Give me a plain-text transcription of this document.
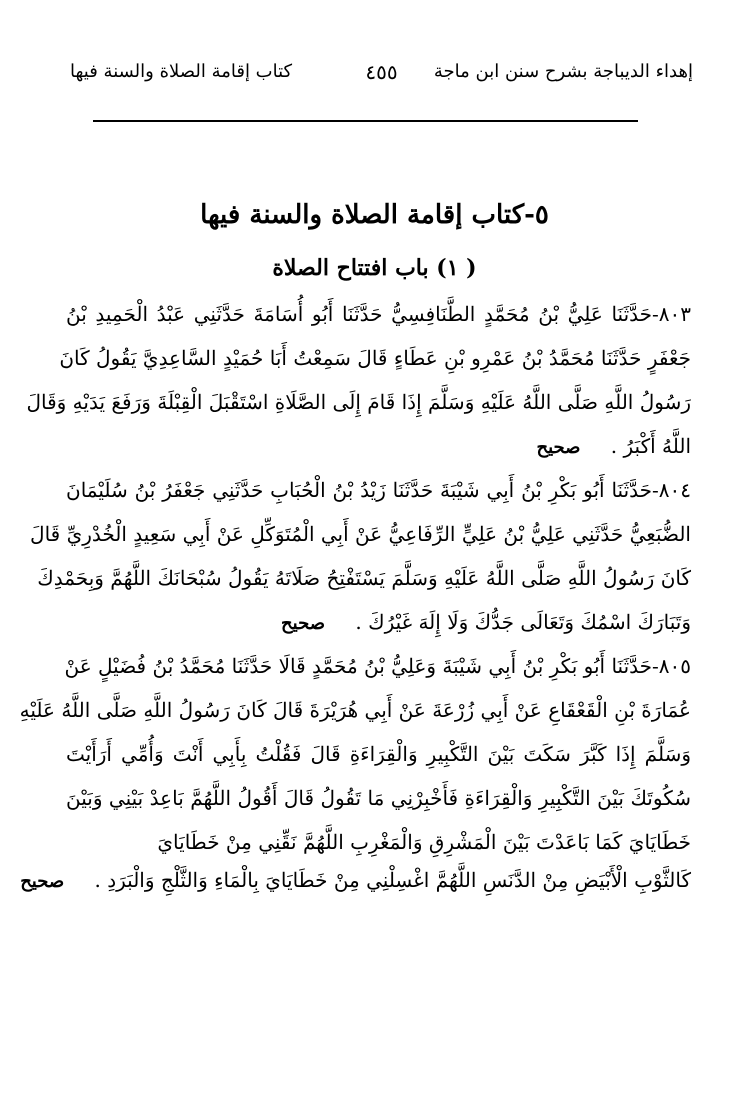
إهداء الديباجة بشرح سنن ابن ماجة
٤٥٥
كتاب إقامة الصلاة والسنة فيها
٥-كتاب إقامة الصلاة والسنة فيها
( ١) باب افتتاح الصلاة
٨٠٣-حَدَّثَنَا عَلِيُّ بْنُ مُحَمَّدٍ الطَّنَافِسِيُّ حَدَّثَنَا أَبُو أُسَامَةَ حَدَّثَنِي عَبْدُ الْحَمِيدِ بْنُ
جَعْفَرٍ حَدَّثَنَا مُحَمَّدُ بْنُ عَمْرِو بْنِ عَطَاءٍ قَالَ سَمِعْتُ أَبَا حُمَيْدٍ السَّاعِدِيَّ يَقُولُ كَانَ
رَسُولُ اللَّهِ صَلَّى اللَّهُ عَلَيْهِ وَسَلَّمَ إِذَا قَامَ إِلَى الصَّلَاةِ اسْتَقْبَلَ الْقِبْلَةَ وَرَفَعَ يَدَيْهِ وَقَالَ
اللَّهُ أَكْبَرُ . صحيح
٨٠٤-حَدَّثَنَا أَبُو بَكْرِ بْنُ أَبِي شَيْبَةَ حَدَّثَنَا زَيْدُ بْنُ الْحُبَابِ حَدَّثَنِي جَعْفَرُ بْنُ سُلَيْمَانَ
الضُّبَعِيُّ حَدَّثَنِي عَلِيُّ بْنُ عَلِيٍّ الرِّفَاعِيُّ عَنْ أَبِي الْمُتَوَكِّلِ عَنْ أَبِي سَعِيدٍ الْخُدْرِيِّ قَالَ
كَانَ رَسُولُ اللَّهِ صَلَّى اللَّهُ عَلَيْهِ وَسَلَّمَ يَسْتَفْتِحُ صَلَاتَهُ يَقُولُ سُبْحَانَكَ اللَّهُمَّ وَبِحَمْدِكَ
وَتَبَارَكَ اسْمُكَ وَتَعَالَى جَدُّكَ وَلَا إِلَهَ غَيْرُكَ . صحيح
٨٠٥-حَدَّثَنَا أَبُو بَكْرِ بْنُ أَبِي شَيْبَةَ وَعَلِيُّ بْنُ مُحَمَّدٍ قَالَا حَدَّثَنَا مُحَمَّدُ بْنُ فُضَيْلٍ عَنْ
عُمَارَةَ بْنِ الْقَعْقَاعِ عَنْ أَبِي زُرْعَةَ عَنْ أَبِي هُرَيْرَةَ قَالَ كَانَ رَسُولُ اللَّهِ صَلَّى اللَّهُ عَلَيْهِ
وَسَلَّمَ إِذَا كَبَّرَ سَكَتَ بَيْنَ التَّكْبِيرِ وَالْقِرَاءَةِ قَالَ فَقُلْتُ بِأَبِي أَنْتَ وَأُمِّي أَرَأَيْتَ
سُكُوتَكَ بَيْنَ التَّكْبِيرِ وَالْقِرَاءَةِ فَأَخْبِرْنِي مَا تَقُولُ قَالَ أَقُولُ اللَّهُمَّ بَاعِدْ بَيْنِي وَبَيْنَ
خَطَايَايَ كَمَا بَاعَدْتَ بَيْنَ الْمَشْرِقِ وَالْمَغْرِبِ اللَّهُمَّ نَقِّنِي مِنْ خَطَايَايَ
كَالثَّوْبِ الْأَبْيَضِ مِنْ الدَّنَسِ اللَّهُمَّ اغْسِلْنِي مِنْ خَطَايَايَ بِالْمَاءِ وَالثَّلْجِ وَالْبَرَدِ . صحيح
